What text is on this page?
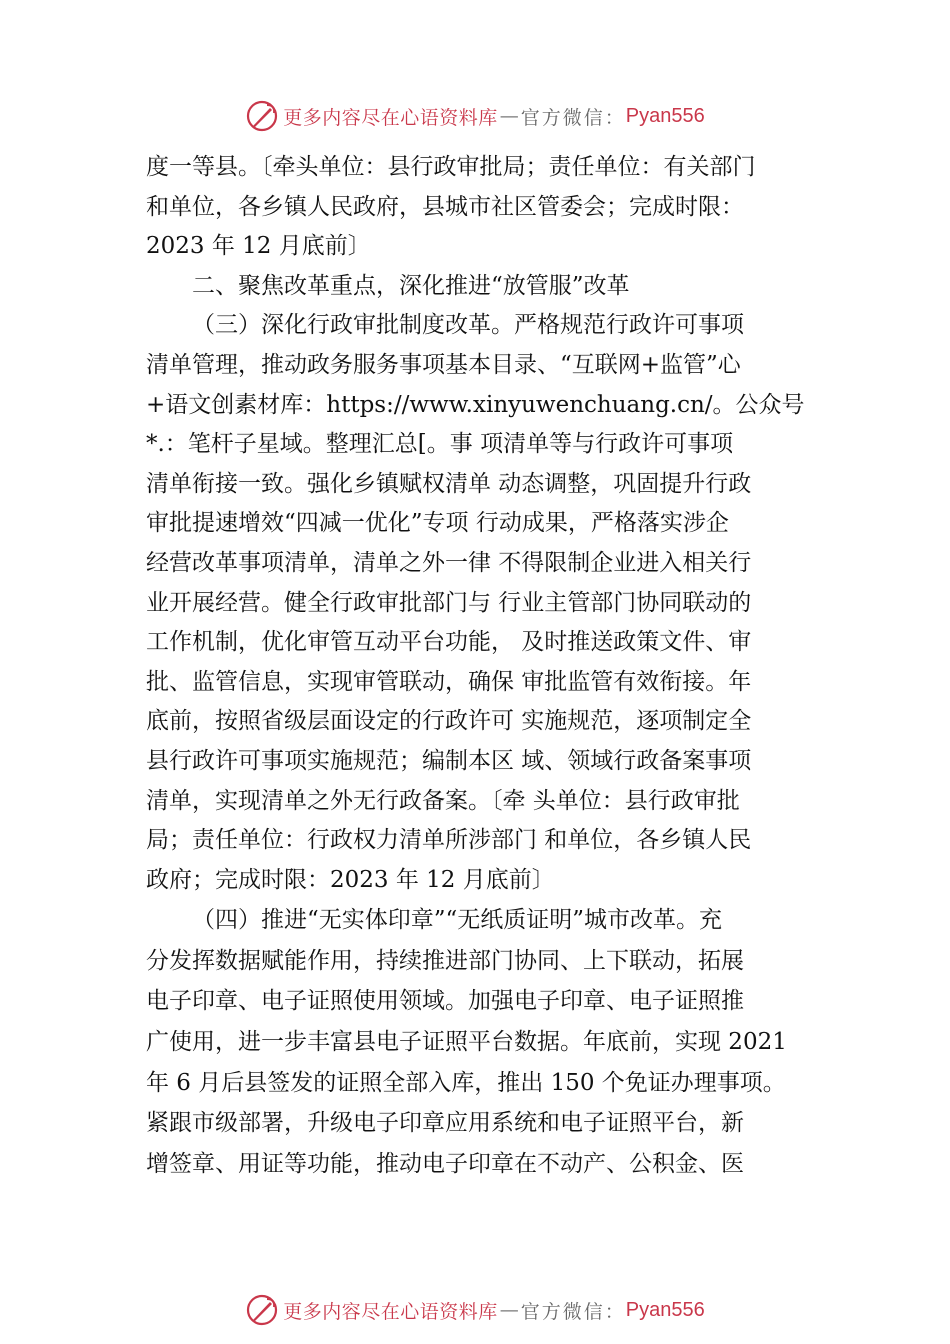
更多内容尽在心语资料库 — 官方微信： Pyan556

度一等县。〔牵头单位：县行政审批局；责任单位：有关部门
和单位，各乡镇人民政府，县城市社区管委会；完成时限：
2023 年 12 月底前〕

二、聚焦改革重点，深化推进“放管服”改革

（三）深化行政审批制度改革。严格规范行政许可事项
清单管理，推动政务服务事项基本目录、“互联网+监管”心
+语文创素材库：https://www.xinyuwenchuang.cn/。公众号
*.：笔杆子星域。整理汇总[。事 项清单等与行政许可事项
清单衔接一致。强化乡镇赋权清单 动态调整，巩固提升行政
审批提速增效“四减一优化”专项 行动成果，严格落实涉企
经营改革事项清单，清单之外一律 不得限制企业进入相关行
业开展经营。健全行政审批部门与 行业主管部门协同联动的
工作机制，优化审管互动平台功能， 及时推送政策文件、审
批、监管信息，实现审管联动，确保 审批监管有效衔接。年
底前，按照省级层面设定的行政许可 实施规范，逐项制定全
县行政许可事项实施规范；编制本区 域、领域行政备案事项
清单，实现清单之外无行政备案。〔牵 头单位：县行政审批
局；责任单位：行政权力清单所涉部门 和单位，各乡镇人民
政府；完成时限：2023 年 12 月底前〕

（四）推进“无实体印章”“无纸质证明”城市改革。充
分发挥数据赋能作用，持续推进部门协同、上下联动，拓展
电子印章、电子证照使用领域。加强电子印章、电子证照推
广使用，进一步丰富县电子证照平台数据。年底前，实现 2021
年 6 月后县签发的证照全部入库，推出 150 个免证办理事项。
紧跟市级部署，升级电子印章应用系统和电子证照平台，新
增签章、用证等功能，推动电子印章在不动产、公积金、医

更多内容尽在心语资料库 — 官方微信： Pyan556
